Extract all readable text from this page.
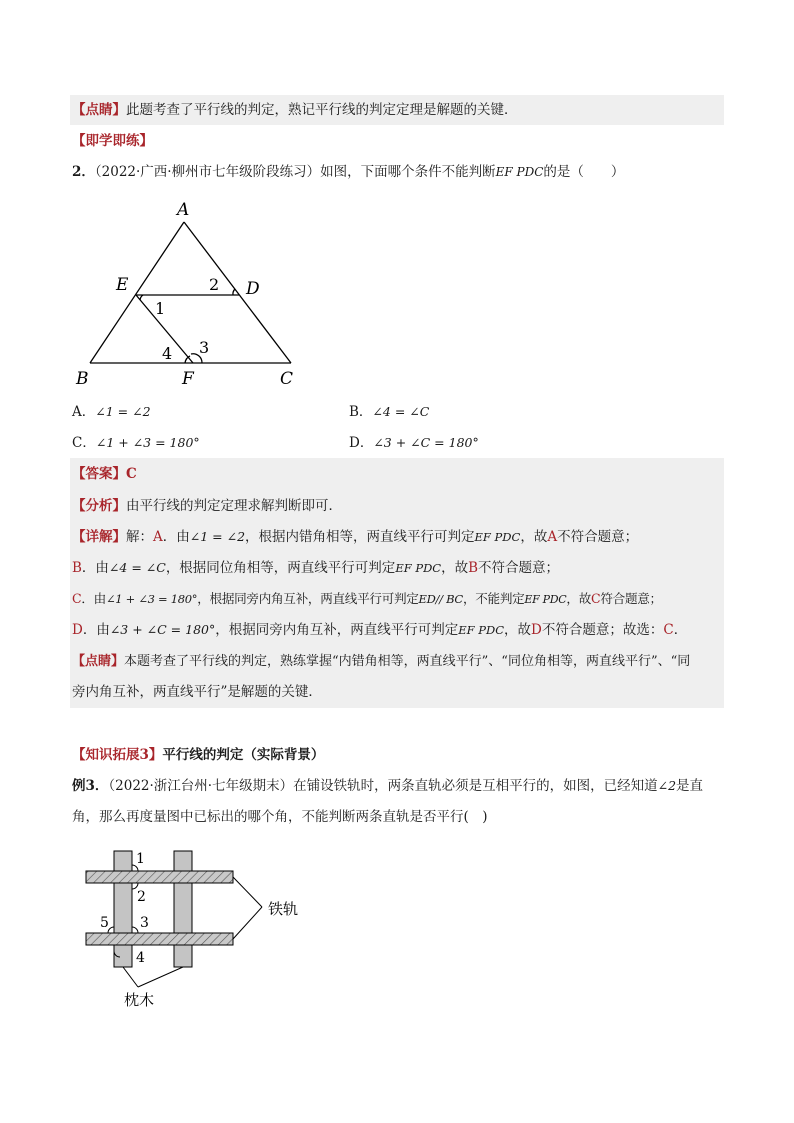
【点睛】此题考查了平行线的判定，熟记平行线的判定定理是解题的关键．
【即学即练】
2．（2022·广西·柳州市七年级阶段练习）如图，下面哪个条件不能判断EF PDC的是（　　）
A
E	D
B	F	C
1
2
3
4
A．∠1 = ∠2	B．∠4 = ∠C
C．∠1 + ∠3 = 180°	D．∠3 + ∠C = 180°
【答案】C
【分析】由平行线的判定定理求解判断即可．
【详解】解：A．由∠1 = ∠2，根据内错角相等，两直线平行可判定EF PDC，故A不符合题意；
B．由∠4 = ∠C，根据同位角相等，两直线平行可判定EF PDC，故B不符合题意；
C．由∠1 + ∠3 = 180°，根据同旁内角互补，两直线平行可判定ED// BC，不能判定EF PDC，故C符合题意；
D．由∠3 + ∠C = 180°，根据同旁内角互补，两直线平行可判定EF PDC，故D不符合题意；故选：C．
【点睛】本题考查了平行线的判定，熟练掌握“内错角相等，两直线平行”、“同位角相等，两直线平行”、“同
旁内角互补，两直线平行”是解题的关键．
【知识拓展3】平行线的判定（实际背景）
例3．（2022·浙江台州·七年级期末）在铺设铁轨时，两条直轨必须是互相平行的，如图，已经知道∠2是直
角，那么再度量图中已标出的哪个角，不能判断两条直轨是否平行(　)
1
2
3
5
4
铁轨
枕木
